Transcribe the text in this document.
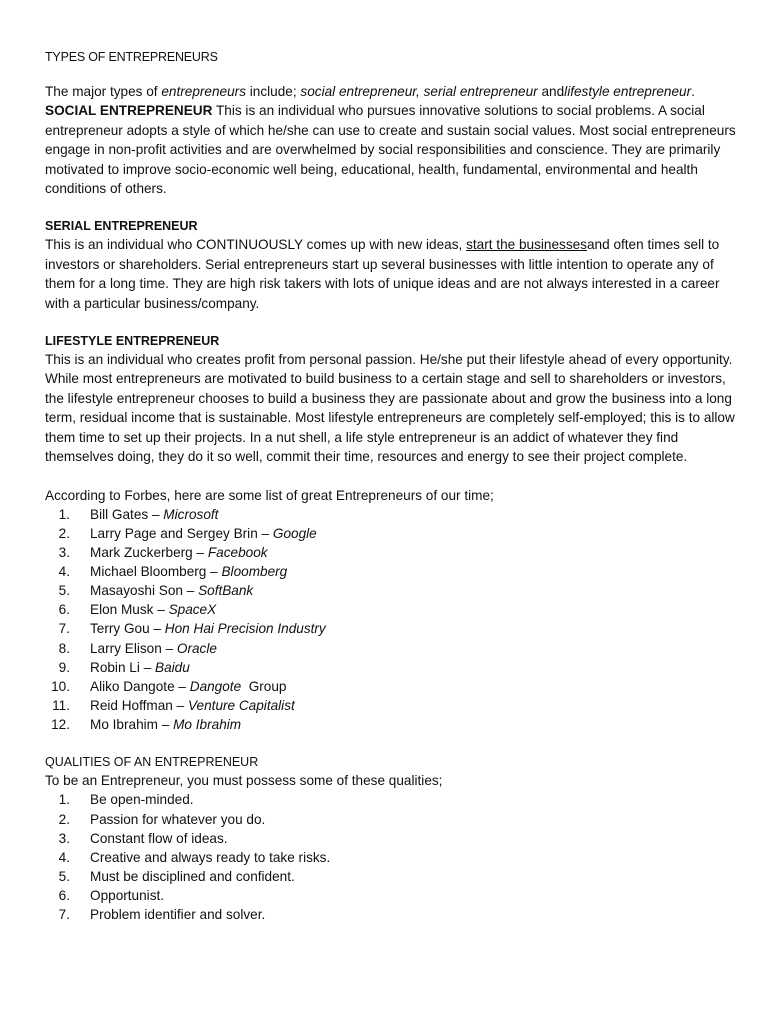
TYPES OF ENTREPRENEURS

The major types of entrepreneurs include; social entrepreneur, serial entrepreneur andlifestyle entrepreneur.
SOCIAL ENTREPRENEUR This is an individual who pursues innovative solutions to social problems. A social entrepreneur adopts a style of which he/she can use to create and sustain social values. Most social entrepreneurs engage in non-profit activities and are overwhelmed by social responsibilities and conscience. They are primarily motivated to improve socio-economic well being, educational, health, fundamental, environmental and health conditions of others.

SERIAL ENTREPRENEUR

This is an individual who CONTINUOUSLY comes up with new ideas, start the businessesand often times sell to investors or shareholders. Serial entrepreneurs start up several businesses with little intention to operate any of them for a long time. They are high risk takers with lots of unique ideas and are not always interested in a career with a particular business/company.

LIFESTYLE ENTREPRENEUR

This is an individual who creates profit from personal passion. He/she put their lifestyle ahead of every opportunity. While most entrepreneurs are motivated to build business to a certain stage and sell to shareholders or investors, the lifestyle entrepreneur chooses to build a business they are passionate about and grow the business into a long term, residual income that is sustainable. Most lifestyle entrepreneurs are completely self-employed; this is to allow them time to set up their projects. In a nut shell, a life style entrepreneur is an addict of whatever they find themselves doing, they do it so well, commit their time, resources and energy to see their project complete.

According to Forbes, here are some list of great Entrepreneurs of our time;

1. Bill Gates – Microsoft
2. Larry Page and Sergey Brin – Google
3. Mark Zuckerberg – Facebook
4. Michael Bloomberg – Bloomberg
5. Masayoshi Son – SoftBank
6. Elon Musk – SpaceX
7. Terry Gou – Hon Hai Precision Industry
8. Larry Elison – Oracle
9. Robin Li – Baidu
10. Aliko Dangote – Dangote  Group
11. Reid Hoffman – Venture Capitalist
12. Mo Ibrahim – Mo Ibrahim

QUALITIES OF AN ENTREPRENEUR

To be an Entrepreneur, you must possess some of these qualities;

1. Be open-minded.
2. Passion for whatever you do.
3. Constant flow of ideas.
4. Creative and always ready to take risks.
5. Must be disciplined and confident.
6. Opportunist.
7. Problem identifier and solver.
